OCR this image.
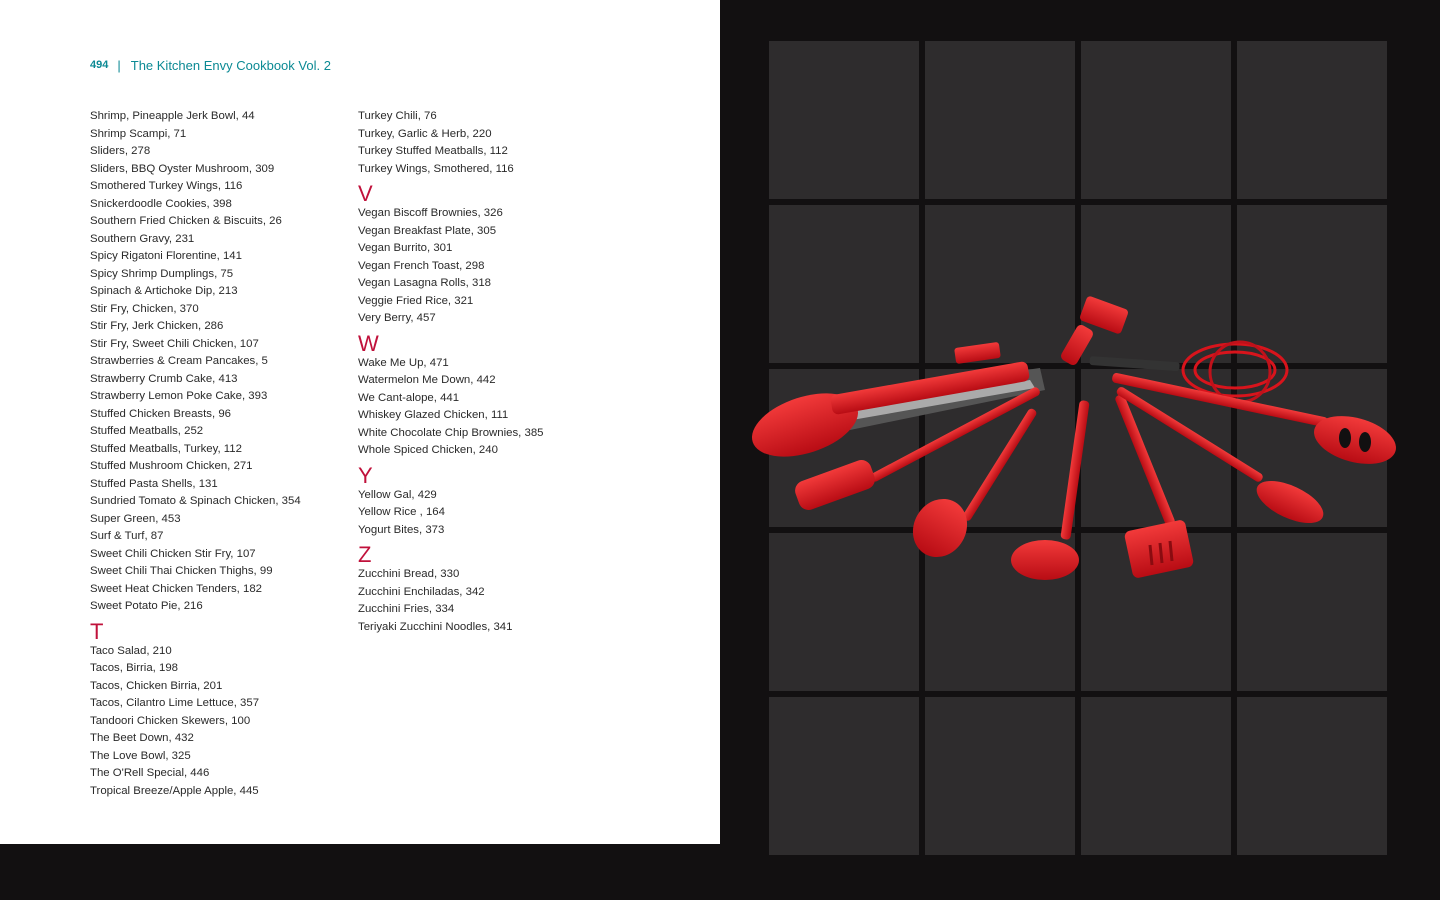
494 | The Kitchen Envy Cookbook Vol. 2
Shrimp, Pineapple Jerk Bowl, 44
Shrimp Scampi, 71
Sliders, 278
Sliders, BBQ Oyster Mushroom, 309
Smothered Turkey Wings, 116
Snickerdoodle Cookies, 398
Southern Fried Chicken & Biscuits, 26
Southern Gravy, 231
Spicy Rigatoni Florentine, 141
Spicy Shrimp Dumplings, 75
Spinach & Artichoke Dip, 213
Stir Fry, Chicken, 370
Stir Fry, Jerk Chicken, 286
Stir Fry, Sweet Chili Chicken, 107
Strawberries & Cream Pancakes, 5
Strawberry Crumb Cake, 413
Strawberry Lemon Poke Cake, 393
Stuffed Chicken Breasts, 96
Stuffed Meatballs, 252
Stuffed Meatballs, Turkey, 112
Stuffed Mushroom Chicken, 271
Stuffed Pasta Shells, 131
Sundried Tomato & Spinach Chicken, 354
Super Green, 453
Surf & Turf, 87
Sweet Chili Chicken Stir Fry, 107
Sweet Chili Thai Chicken Thighs, 99
Sweet Heat Chicken Tenders, 182
Sweet Potato Pie, 216
T
Taco Salad, 210
Tacos, Birria, 198
Tacos, Chicken Birria, 201
Tacos, Cilantro Lime Lettuce, 357
Tandoori Chicken Skewers, 100
The Beet Down, 432
The Love Bowl, 325
The O'Rell Special, 446
Tropical Breeze/Apple Apple, 445
Turkey Chili, 76
Turkey, Garlic & Herb, 220
Turkey Stuffed Meatballs, 112
Turkey Wings, Smothered, 116
V
Vegan Biscoff Brownies, 326
Vegan Breakfast Plate, 305
Vegan Burrito, 301
Vegan French Toast, 298
Vegan Lasagna Rolls, 318
Veggie Fried Rice, 321
Very Berry, 457
W
Wake Me Up, 471
Watermelon Me Down, 442
We Cant-alope, 441
Whiskey Glazed Chicken, 111
White Chocolate Chip Brownies, 385
Whole Spiced Chicken, 240
Y
Yellow Gal, 429
Yellow Rice , 164
Yogurt Bites, 373
Z
Zucchini Bread, 330
Zucchini Enchiladas, 342
Zucchini Fries, 334
Teriyaki Zucchini Noodles, 341
